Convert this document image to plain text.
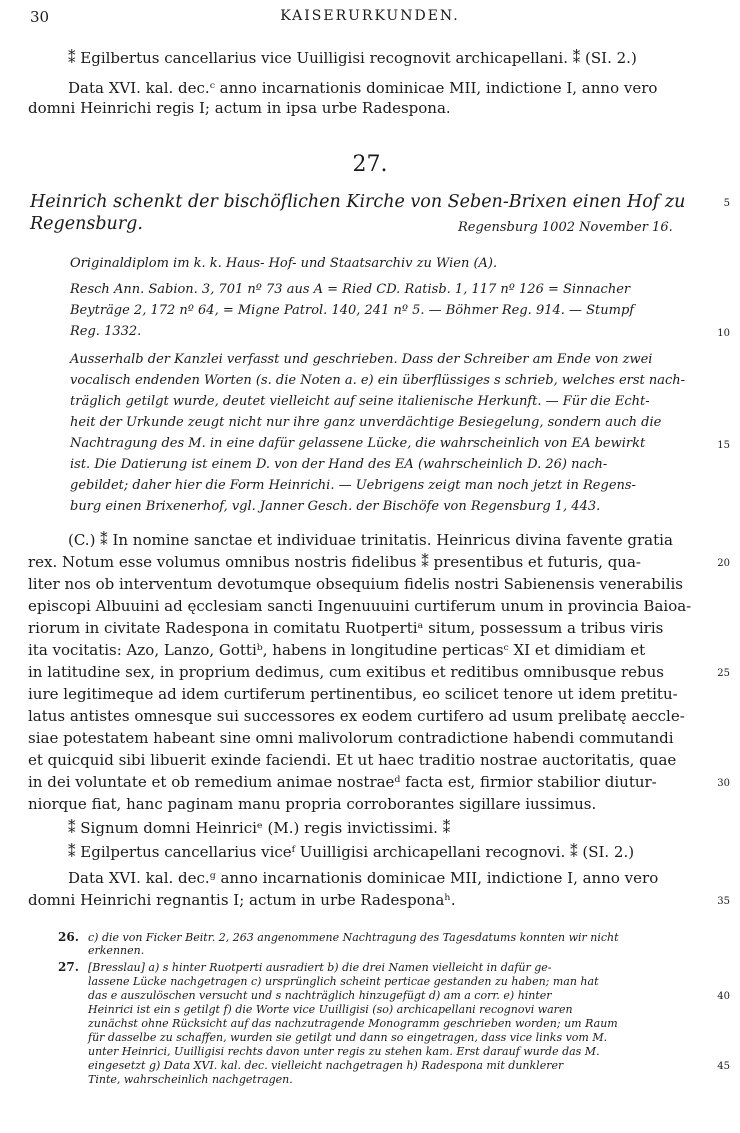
30	KAISERURKUNDEN.
⁑ Egilbertus cancellarius vice Uuilligisi recognovit archicapellani. ⁑ (SI. 2.)
Data XVI. kal. dec.ᶜ anno incarnationis dominicae MII, indictione I, anno vero
domni Heinrichi regis I; actum in ipsa urbe Radespona.
27.
Heinrich schenkt der bischöflichen Kirche von Seben-Brixen einen Hof zu	5
Regensburg.	Regensburg 1002 November 16.
Originaldiplom im k. k. Haus- Hof- und Staatsarchiv zu Wien (A).
Resch Ann. Sabion. 3, 701 nº 73 aus A = Ried CD. Ratisb. 1, 117 nº 126 = Sinnacher
Beyträge 2, 172 nº 64, = Migne Patrol. 140, 241 nº 5. — Böhmer Reg. 914. — Stumpf
Reg. 1332.	10
Ausserhalb der Kanzlei verfasst und geschrieben. Dass der Schreiber am Ende von zwei
vocalisch endenden Worten (s. die Noten a. e) ein überflüssiges s schrieb, welches erst nach-
träglich getilgt wurde, deutet vielleicht auf seine italienische Herkunft. — Für die Echt-
heit der Urkunde zeugt nicht nur ihre ganz unverdächtige Besiegelung, sondern auch die
Nachtragung des M. in eine dafür gelassene Lücke, die wahrscheinlich von EA bewirkt	15
ist. Die Datierung ist einem D. von der Hand des EA (wahrscheinlich D. 26) nach-
gebildet; daher hier die Form Heinrichi. — Uebrigens zeigt man noch jetzt in Regens-
burg einen Brixenerhof, vgl. Janner Gesch. der Bischöfe von Regensburg 1, 443.
(C.) ⁑ In nomine sanctae et individuae trinitatis. Heinricus divina favente gratia
rex. Notum esse volumus omnibus nostris fidelibus ⁑ presentibus et futuris, qua-	20
liter nos ob interventum devotumque obsequium fidelis nostri Sabienensis venerabilis
episcopi Albuuini ad ęcclesiam sancti Ingenuuuini curtiferum unum in provincia Baioa-
riorum in civitate Radespona in comitatu Ruotpertiᵃ situm, possessum a tribus viris
ita vocitatis: Azo, Lanzo, Gottiᵇ, habens in longitudine perticasᶜ XI et dimidiam et
in latitudine sex, in proprium dedimus, cum exitibus et reditibus omnibusque rebus	25
iure legitimeque ad idem curtiferum pertinentibus, eo scilicet tenore ut idem pretitu-
latus antistes omnesque sui successores ex eodem curtifero ad usum prelibatę aeccle-
siae potestatem habeant sine omni malivolorum contradictione habendi commutandi
et quicquid sibi libuerit exinde faciendi. Et ut haec traditio nostrae auctoritatis, quae
in dei voluntate et ob remedium animae nostraeᵈ facta est, firmior stabilior diutur-	30
niorque fiat, hanc paginam manu propria corroborantes sigillare iussimus.
⁑ Signum domni Heinriciᵉ (M.) regis invictissimi. ⁑
⁑ Egilpertus cancellarius viceᶠ Uuilligisi archicapellani recognovi. ⁑ (SI. 2.)
Data XVI. kal. dec.ᵍ anno incarnationis dominicae MII, indictione I, anno vero
domni Heinrichi regnantis I; actum in urbe Radesponaʰ.	35
26. c) die von Ficker Beitr. 2, 263 angenommene Nachtragung des Tagesdatums konnten wir nicht
erkennen.
27. [Bresslau] a) s hinter Ruotperti ausradiert b) die drei Namen vielleicht in dafür ge-
lassene Lücke nachgetragen c) ursprünglich scheint perticae gestanden zu haben; man hat
das e auszulöschen versucht und s nachträglich hinzugefügt d) am a corr. e) hinter	40
Heinrici ist ein s getilgt f) die Worte vice Uuilligisi (so) archicapellani recognovi waren
zunächst ohne Rücksicht auf das nachzutragende Monogramm geschrieben worden; um Raum
für dasselbe zu schaffen, wurden sie getilgt und dann so eingetragen, dass vice links vom M.
unter Heinrici, Uuilligisi rechts davon unter regis zu stehen kam. Erst darauf wurde das M.
eingesetzt g) Data XVI. kal. dec. vielleicht nachgetragen h) Radespona mit dunklerer	45
Tinte, wahrscheinlich nachgetragen.
